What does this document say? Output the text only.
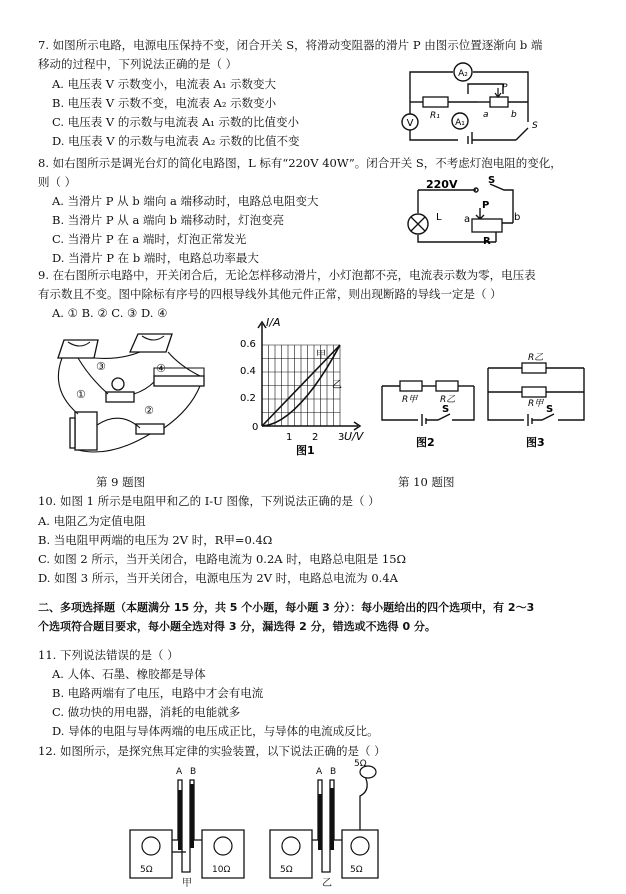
7. 如图所示电路，电源电压保持不变，闭合开关 S，将滑动变阻器的滑片 P 由图示位置逐渐向 b 端
移动的过程中，下列说法正确的是（ ）
A. 电压表 V 示数变小，电流表 A₁ 示数变大
B. 电压表 V 示数不变，电流表 A₂ 示数变小
C. 电压表 V 的示数与电流表 A₁ 示数的比值变小
D. 电压表 V 的示数与电流表 A₂ 示数的比值不变
A₂
V	A₁
R₁	a b
P
S
8. 如右图所示是调光台灯的简化电路图，L 标有“220V 40W”。闭合开关 S，不考虑灯泡电阻的变化，
则（ ）
A. 当滑片 P 从 b 端向 a 端移动时，电路总电阻变大
B. 当滑片 P 从 a 端向 b 端移动时，灯泡变亮
C. 当滑片 P 在 a 端时，灯泡正常发光
D. 当滑片 P 在 b 端时，电路总功率最大
220V	S
L
P
a	b
R
9. 在右图所示电路中，开关闭合后，无论怎样移动滑片，小灯泡都不亮，电流表示数为零，电压表
有示数且不变。图中除标有序号的四根导线外其他元件正常，则出现断路的导线一定是（ ）
A. ① B. ② C. ③ D. ④
③
①
②
④
第 9 题图
I/A
U/V
0.6
0.4
0.2
0
1 2 3
甲
乙
图1
R甲	R乙
S
图2
R乙
R甲 S
图3
第 10 题图
10. 如图 1 所示是电阻甲和乙的 I-U 图像，下列说法正确的是（ ）
A. 电阻乙为定值电阻
B. 当电阻甲两端的电压为 2V 时，R甲=0.4Ω
C. 如图 2 所示，当开关闭合，电路电流为 0.2A 时，电路总电阻是 15Ω
D. 如图 3 所示，当开关闭合，电源电压为 2V 时，电路总电流为 0.4A
二、多项选择题（本题满分 15 分，共 5 个小题，每小题 3 分）：每小题给出的四个选项中，有 2～3
个选项符合题目要求，每小题全选对得 3 分，漏选得 2 分，错选或不选得 0 分。
11. 下列说法错误的是（ ）
A. 人体、石墨、橡胶都是导体
B. 电路两端有了电压，电路中才会有电流
C. 做功快的用电器，消耗的电能就多
D. 导体的电阻与导体两端的电压成正比，与导体的电流成反比。
12. 如图所示，是探究焦耳定律的实验装置，以下说法正确的是（ ）
A B	A B
5Ω	10Ω	5Ω	5Ω
5Ω
甲	乙
